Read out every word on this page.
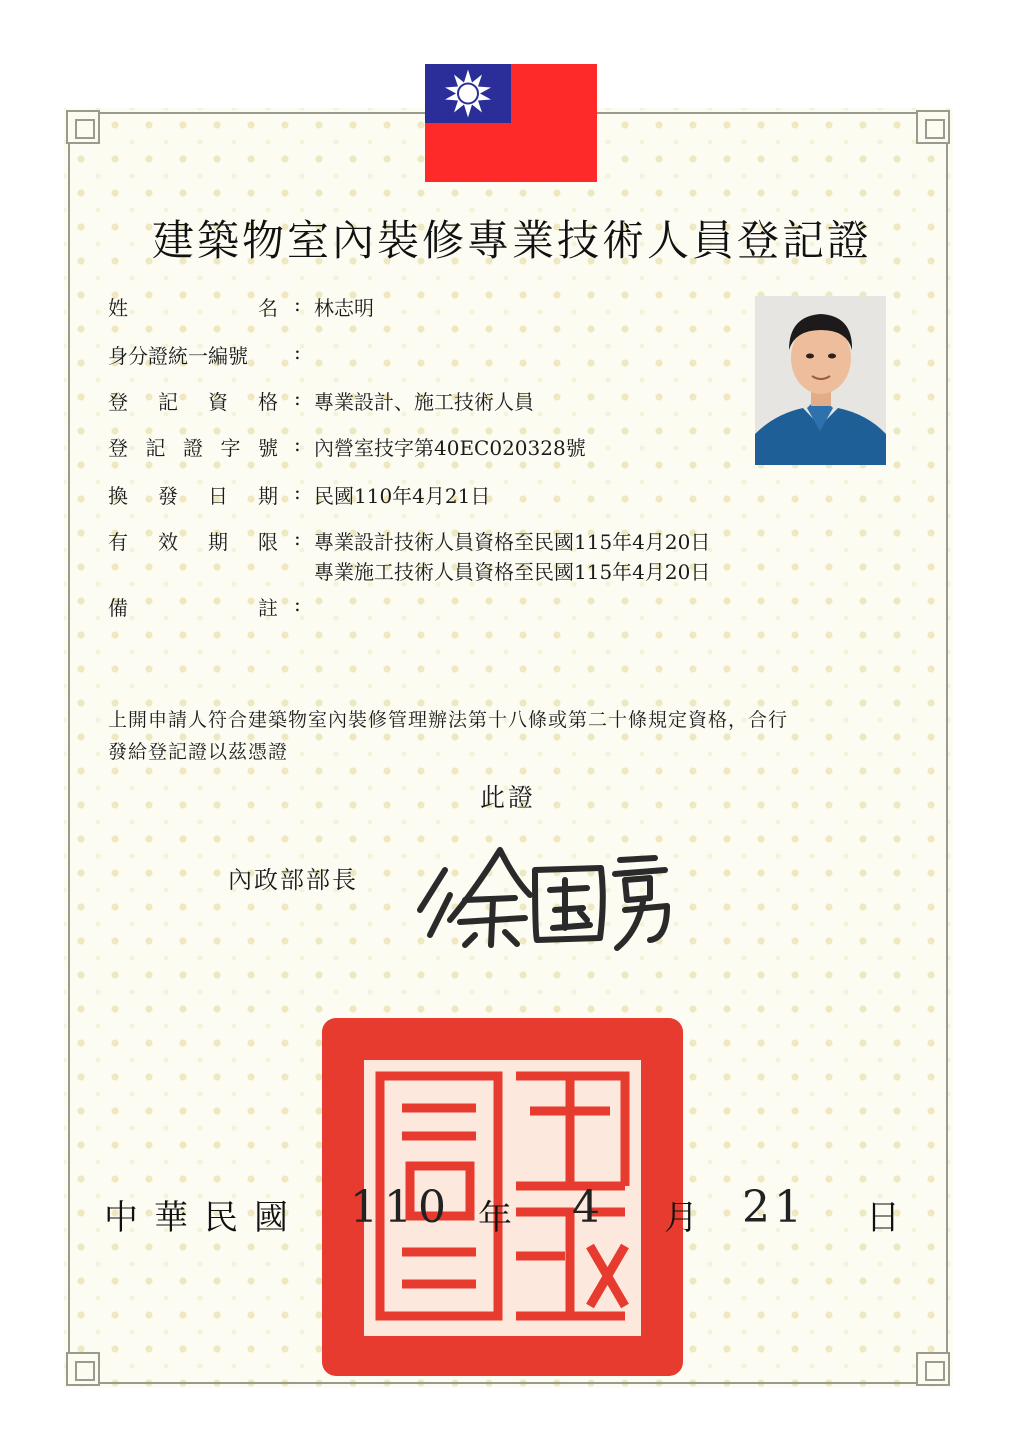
建築物室內裝修專業技術人員登記證
姓名 : 林志明
身分證統一編號 :
登記資格 : 專業設計、施工技術人員
登記證字號 : 內營室技字第40EC020328號
換發日期 : 民國110年4月21日
有效期限 : 專業設計技術人員資格至民國115年4月20日
專業施工技術人員資格至民國115年4月20日
備註 :
上開申請人符合建築物室內裝修管理辦法第十八條或第二十條規定資格，合行
發給登記證以茲憑證
此證
內政部部長
中華民國 110 年 4 月 21 日
